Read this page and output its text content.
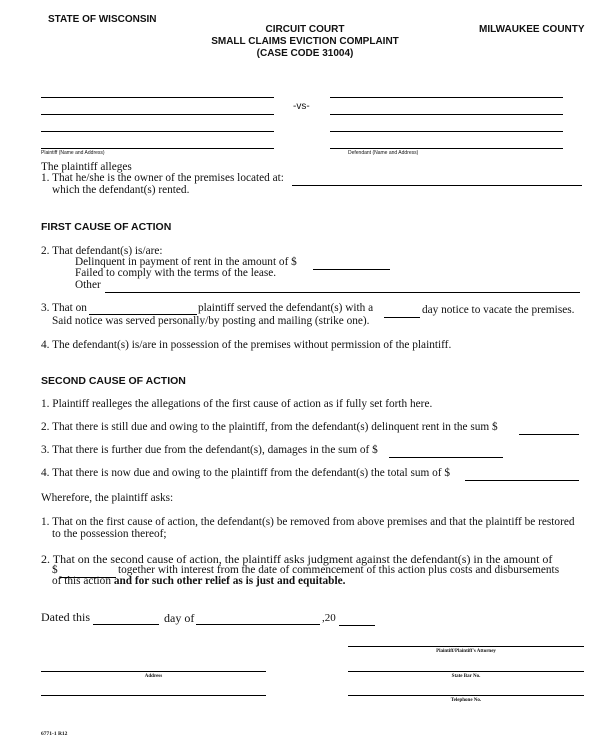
STATE OF WISCONSIN
CIRCUIT COURT
SMALL CLAIMS EVICTION COMPLAINT
(CASE CODE 31004)
MILWAUKEE COUNTY
-vs-
Plaintiff (Name and Address)	Defendant (Name and Address)
The plaintiff alleges
1. That he/she is the owner of the premises located at:
which the defendant(s) rented.
FIRST CAUSE OF ACTION
2. That defendant(s) is/are:
Delinquent in payment of rent in the amount of $
Failed to comply with the terms of the lease.
Other
3. That on	plaintiff served the defendant(s) with a	day notice to vacate the premises.
Said notice was served personally/by posting and mailing (strike one).
4. The defendant(s) is/are in possession of the premises without permission of the plaintiff.
SECOND CAUSE OF ACTION
1. Plaintiff realleges the allegations of the first cause of action as if fully set forth here.
2. That there is still due and owing to the plaintiff, from the defendant(s) delinquent rent in the sum $
3. That there is further due from the defendant(s), damages in the sum of $
4. That there is now due and owing to the plaintiff from the defendant(s) the total sum of $
Wherefore, the plaintiff asks:
1. That on the first cause of action, the defendant(s) be removed from above premises and that the plaintiff be restored
to the possession thereof;
2. That on the second cause of action, the plaintiff asks judgment against the defendant(s) in the amount of
$	together with interest from the date of commencement of this action plus costs and disbursements
of this action and for such other relief as is just and equitable.
Dated this	day of	,20
Plaintiff/Plaintiff's Attorney
Address	State Bar No.
Telephone No.
6771-1 R12
